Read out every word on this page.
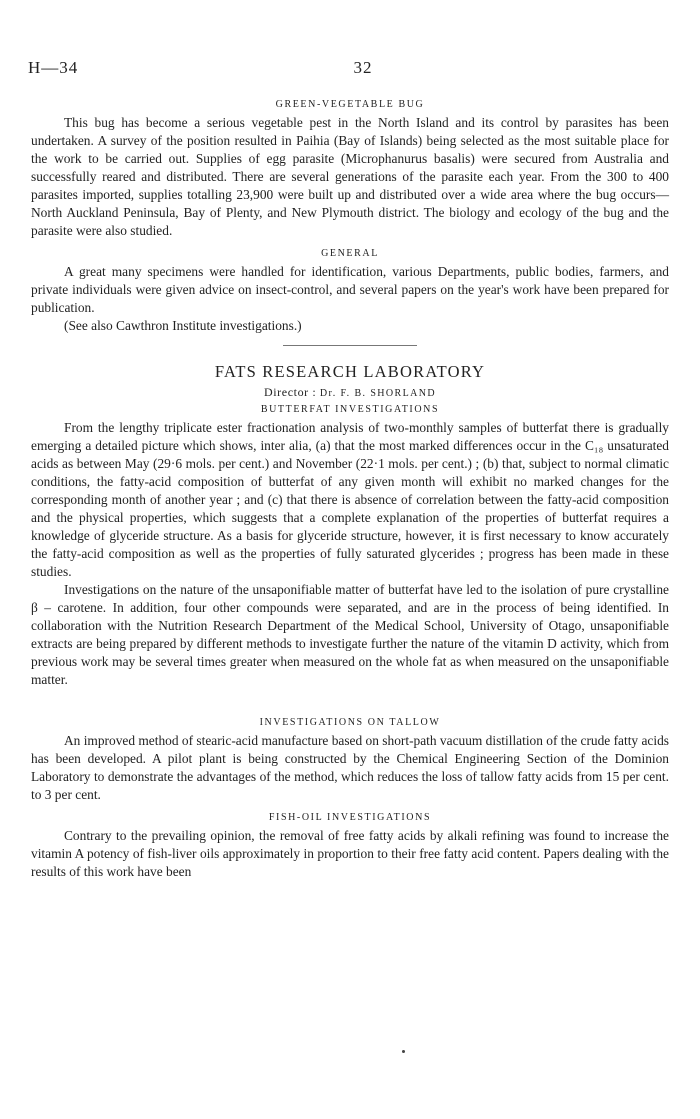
H—34	32
GREEN-VEGETABLE BUG

This bug has become a serious vegetable pest in the North Island and its control by parasites has been undertaken. A survey of the position resulted in Paihia (Bay of Islands) being selected as the most suitable place for the work to be carried out. Supplies of egg parasite (Microphanurus basalis) were secured from Australia and successfully reared and distributed. There are several generations of the parasite each year. From the 300 to 400 parasites imported, supplies totalling 23,900 were built up and distributed over a wide area where the bug occurs—North Auckland Peninsula, Bay of Plenty, and New Plymouth district. The biology and ecology of the bug and the parasite were also studied.

GENERAL

A great many specimens were handled for identification, various Departments, public bodies, farmers, and private individuals were given advice on insect-control, and several papers on the year's work have been prepared for publication.

(See also Cawthron Institute investigations.)

FATS RESEARCH LABORATORY
Director : Dr. F. B. SHORLAND
BUTTERFAT INVESTIGATIONS

From the lengthy triplicate ester fractionation analysis of two-monthly samples of butterfat there is gradually emerging a detailed picture which shows, inter alia, (a) that the most marked differences occur in the C₁₈ unsaturated acids as between May (29·6 mols. per cent.) and November (22·1 mols. per cent.) ; (b) that, subject to normal climatic conditions, the fatty-acid composition of butterfat of any given month will exhibit no marked changes for the corresponding month of another year ; and (c) that there is absence of correlation between the fatty-acid composition and the physical properties, which suggests that a complete explanation of the properties of butterfat requires a knowledge of glyceride structure. As a basis for glyceride structure, however, it is first necessary to know accurately the fatty-acid composition as well as the properties of fully saturated glycerides ; progress has been made in these studies.

Investigations on the nature of the unsaponifiable matter of butterfat have led to the isolation of pure crystalline β – carotene. In addition, four other compounds were separated, and are in the process of being identified. In collaboration with the Nutrition Research Department of the Medical School, University of Otago, unsaponifiable extracts are being prepared by different methods to investigate further the nature of the vitamin D activity, which from previous work may be several times greater when measured on the whole fat as when measured on the unsaponifiable matter.

INVESTIGATIONS ON TALLOW

An improved method of stearic-acid manufacture based on short-path vacuum distillation of the crude fatty acids has been developed. A pilot plant is being constructed by the Chemical Engineering Section of the Dominion Laboratory to demonstrate the advantages of the method, which reduces the loss of tallow fatty acids from 15 per cent. to 3 per cent.

FISH-OIL INVESTIGATIONS

Contrary to the prevailing opinion, the removal of free fatty acids by alkali refining was found to increase the vitamin A potency of fish-liver oils approximately in proportion to their free fatty acid content. Papers dealing with the results of this work have been
